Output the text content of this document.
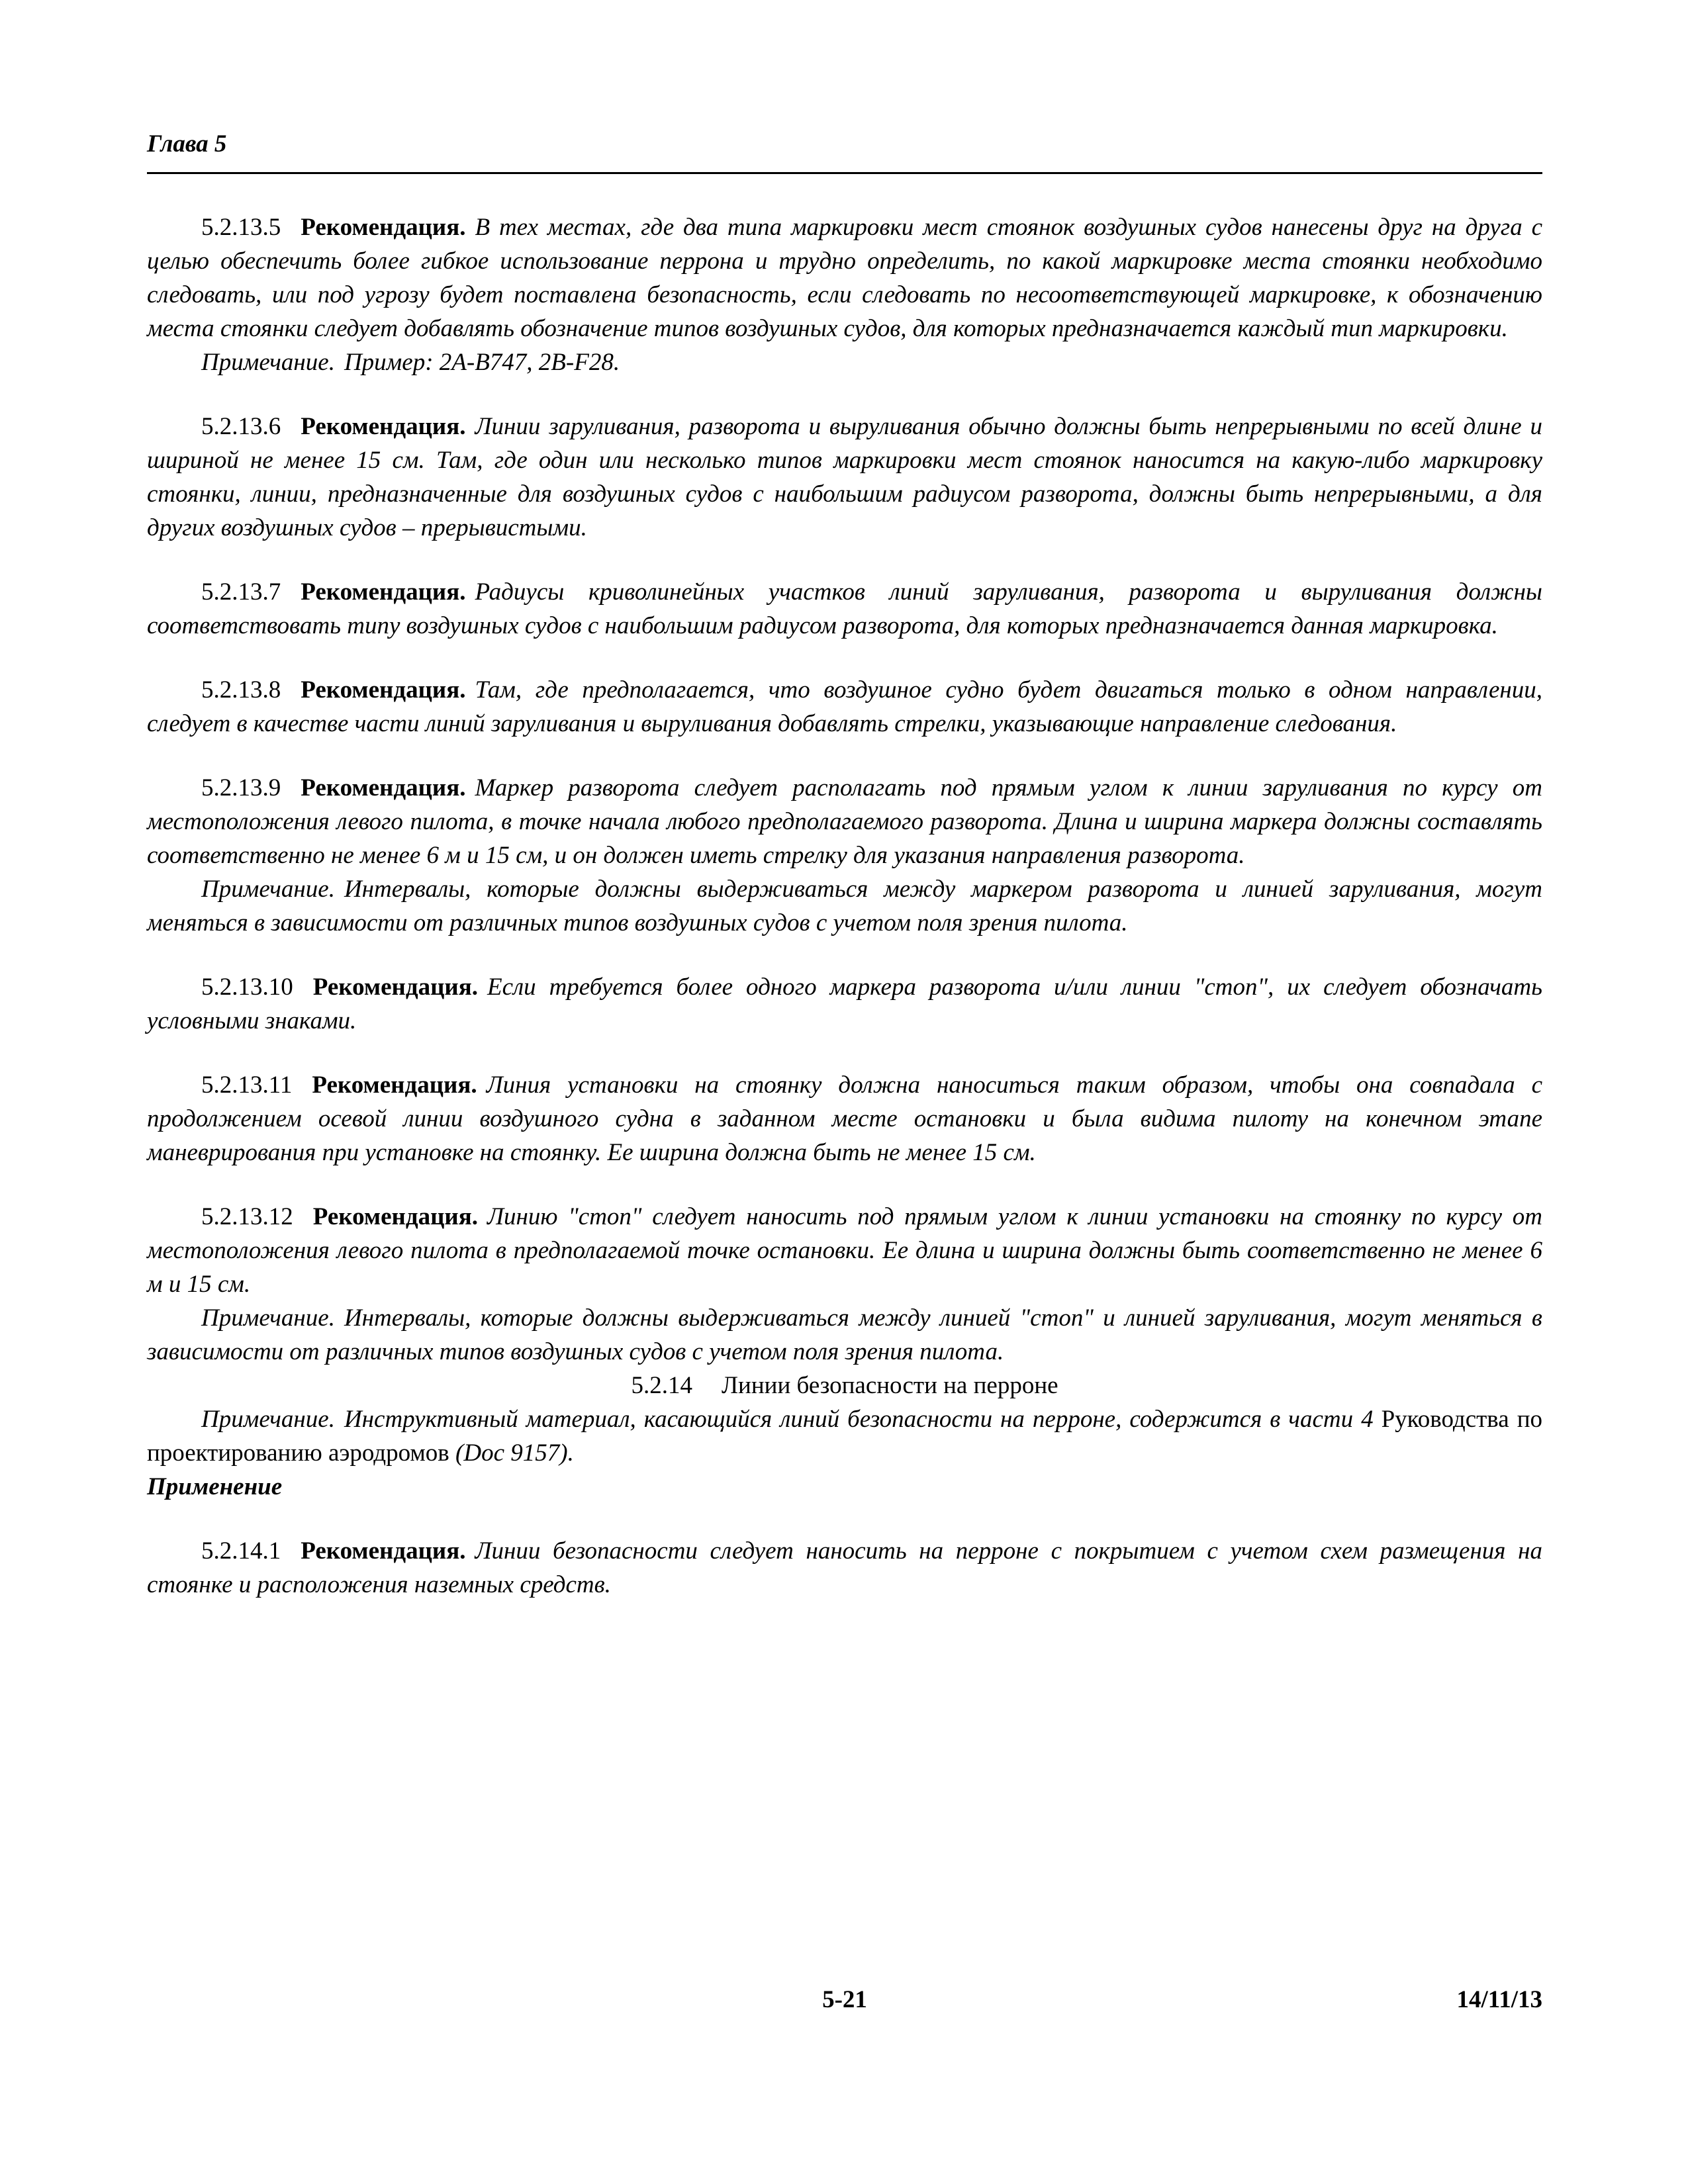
Глава 5

5.2.13.5 Рекомендация. В тех местах, где два типа маркировки мест стоянок воздушных судов нанесены друг на друга с целью обеспечить более гибкое использование перрона и трудно определить, по какой маркировке места стоянки необходимо следовать, или под угрозу будет поставлена безопасность, если следовать по несоответствующей маркировке, к обозначению места стоянки следует добавлять обозначение типов воздушных судов, для которых предназначается каждый тип маркировки.

Примечание. Пример: 2A-B747, 2B-F28.

5.2.13.6 Рекомендация. Линии заруливания, разворота и выруливания обычно должны быть непрерывными по всей длине и шириной не менее 15 см. Там, где один или несколько типов маркировки мест стоянок наносится на какую-либо маркировку стоянки, линии, предназначенные для воздушных судов с наибольшим радиусом разворота, должны быть непрерывными, а для других воздушных судов – прерывистыми.

5.2.13.7 Рекомендация. Радиусы криволинейных участков линий заруливания, разворота и выруливания должны соответствовать типу воздушных судов с наибольшим радиусом разворота, для которых предназначается данная маркировка.

5.2.13.8 Рекомендация. Там, где предполагается, что воздушное судно будет двигаться только в одном направлении, следует в качестве части линий заруливания и выруливания добавлять стрелки, указывающие направление следования.

5.2.13.9 Рекомендация. Маркер разворота следует располагать под прямым углом к линии заруливания по курсу от местоположения левого пилота, в точке начала любого предполагаемого разворота. Длина и ширина маркера должны составлять соответственно не менее 6 м и 15 см, и он должен иметь стрелку для указания направления разворота.

Примечание. Интервалы, которые должны выдерживаться между маркером разворота и линией заруливания, могут меняться в зависимости от различных типов воздушных судов с учетом поля зрения пилота.

5.2.13.10 Рекомендация. Если требуется более одного маркера разворота и/или линии "стоп", их следует обозначать условными знаками.

5.2.13.11 Рекомендация. Линия установки на стоянку должна наноситься таким образом, чтобы она совпадала с продолжением осевой линии воздушного судна в заданном месте остановки и была видима пилоту на конечном этапе маневрирования при установке на стоянку. Ее ширина должна быть не менее 15 см.

5.2.13.12 Рекомендация. Линию "стоп" следует наносить под прямым углом к линии установки на стоянку по курсу от местоположения левого пилота в предполагаемой точке остановки. Ее длина и ширина должны быть соответственно не менее 6 м и 15 см.

Примечание. Интервалы, которые должны выдерживаться между линией "стоп" и линией заруливания, могут меняться в зависимости от различных типов воздушных судов с учетом поля зрения пилота.

5.2.14 Линии безопасности на перроне

Примечание. Инструктивный материал, касающийся линий безопасности на перроне, содержится в части 4 Руководства по проектированию аэродромов (Doc 9157).

Применение

5.2.14.1 Рекомендация. Линии безопасности следует наносить на перроне с покрытием с учетом схем размещения на стоянке и расположения наземных средств.

5-21	14/11/13
